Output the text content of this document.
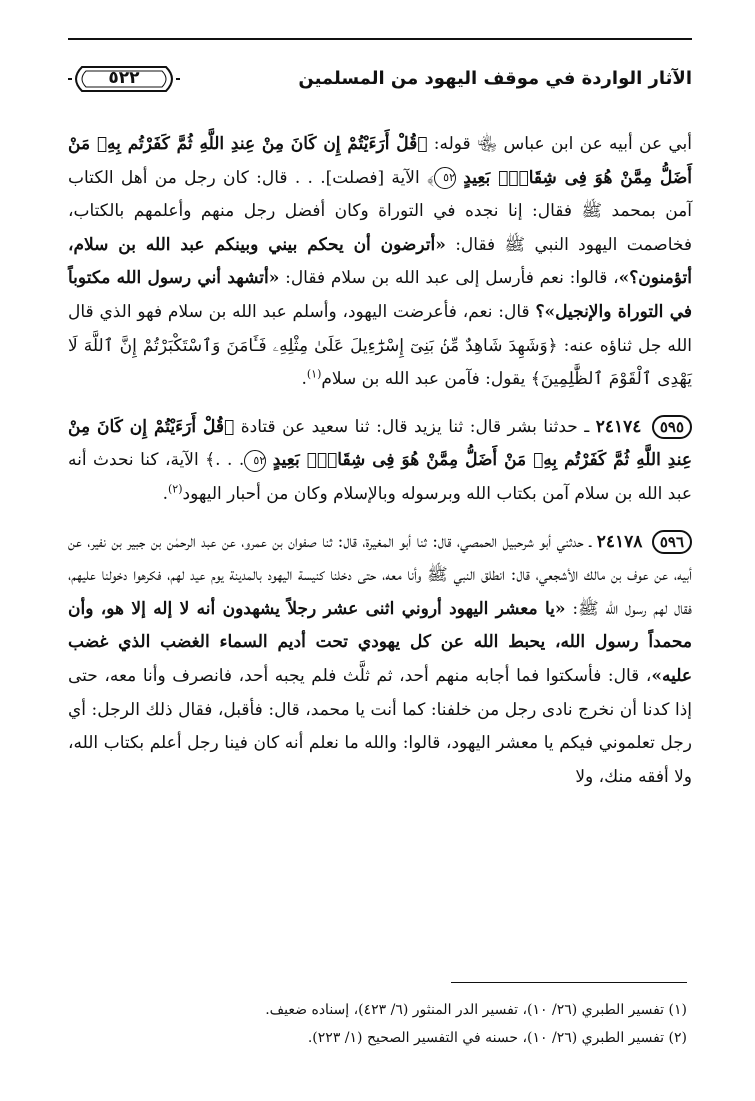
الآثار الواردة في موقف اليهود من المسلمين
٥٢٢

أبي عن أبيه عن ابن عباس ﵄ قوله: ﴿قُلْ أَرَءَيْتُمْ إِن كَانَ مِنْ عِندِ اللَّهِ ثُمَّ كَفَرْتُم بِهِۦ مَنْ أَضَلُّ مِمَّنْ هُوَ فِى شِقَاقٍۭ بَعِيدٍ ٥٢﴾ الآية [فصلت]. . . قال: كان رجل من أهل الكتاب آمن بمحمد ﷺ فقال: إنا نجده في التوراة وكان أفضل رجل منهم وأعلمهم بالكتاب، فخاصمت اليهود النبي ﷺ فقال: «أترضون أن يحكم بيني وبينكم عبد الله بن سلام، أتؤمنون؟»، قالوا: نعم فأرسل إلى عبد الله بن سلام فقال: «أتشهد أني رسول الله مكتوباً في التوراة والإنجيل»؟ قال: نعم، فأعرضت اليهود، وأسلم عبد الله بن سلام فهو الذي قال الله جل ثناؤه عنه: ﴿وَشَهِدَ شَاهِدٌ مِّنۢ بَنِىٓ إِسْرَٰٓءِيلَ عَلَىٰ مِثْلِهِۦ فَـَٔامَنَ وَٱسْتَكْبَرْتُمْ إِنَّ ٱللَّهَ لَا يَهْدِى ٱلْقَوْمَ ٱلظَّٰلِمِينَ﴾ يقول: فآمن عبد الله بن سلام$^{(١)}$.

٥٩٥ ٢٤١٧٤ ـ حدثنا بشر قال: ثنا يزيد قال: ثنا سعيد عن قتادة ﴿قُلْ أَرَءَيْتُمْ إِن كَانَ مِنْ عِندِ اللَّهِ ثُمَّ كَفَرْتُم بِهِۦ مَنْ أَضَلُّ مِمَّنْ هُوَ فِى شِقَاقٍۭ بَعِيدٍ ٥٢. . .﴾ الآية، كنا نحدث أنه عبد الله بن سلام آمن بكتاب الله وبرسوله وبالإسلام وكان من أحبار اليهود$^{(٢)}$.

٥٩٦ ٢٤١٧٨ ـ حدثني أبو شرحبيل الحمصي، قال: ثنا أبو المغيرة، قال: ثنا صفوان بن عمرو، عن عبد الرحمٰن بن جبير بن نفير، عن أبيه، عن عوف بن مالك الأشجعي، قال: انطلق النبي ﷺ وأنا معه، حتى دخلنا كنيسة اليهود بالمدينة يوم عيد لهم، فكرهوا دخولنا عليهم، فقال لهم رسول الله ﷺ: «يا معشر اليهود أروني اثنى عشر رجلاً يشهدون أنه لا إله إلا هو، وأن محمداً رسول الله، يحبط الله عن كل يهودي تحت أديم السماء الغضب الذي غضب عليه»، قال: فأسكتوا فما أجابه منهم أحد، ثم ثلَّث فلم يجبه أحد، فانصرف وأنا معه، حتى إذا كدنا أن نخرج نادى رجل من خلفنا: كما أنت يا محمد، قال: فأقبل، فقال ذلك الرجل: أي رجل تعلموني فيكم يا معشر اليهود، قالوا: والله ما نعلم أنه كان فينا رجل أعلم بكتاب الله، ولا أفقه منك، ولا

(١) تفسير الطبري (٢٦/ ١٠)، تفسير الدر المنثور (٦/ ٤٢٣)، إسناده ضعيف.

(٢) تفسير الطبري (٢٦/ ١٠)، حسنه في التفسير الصحيح (١/ ٢٢٣).
